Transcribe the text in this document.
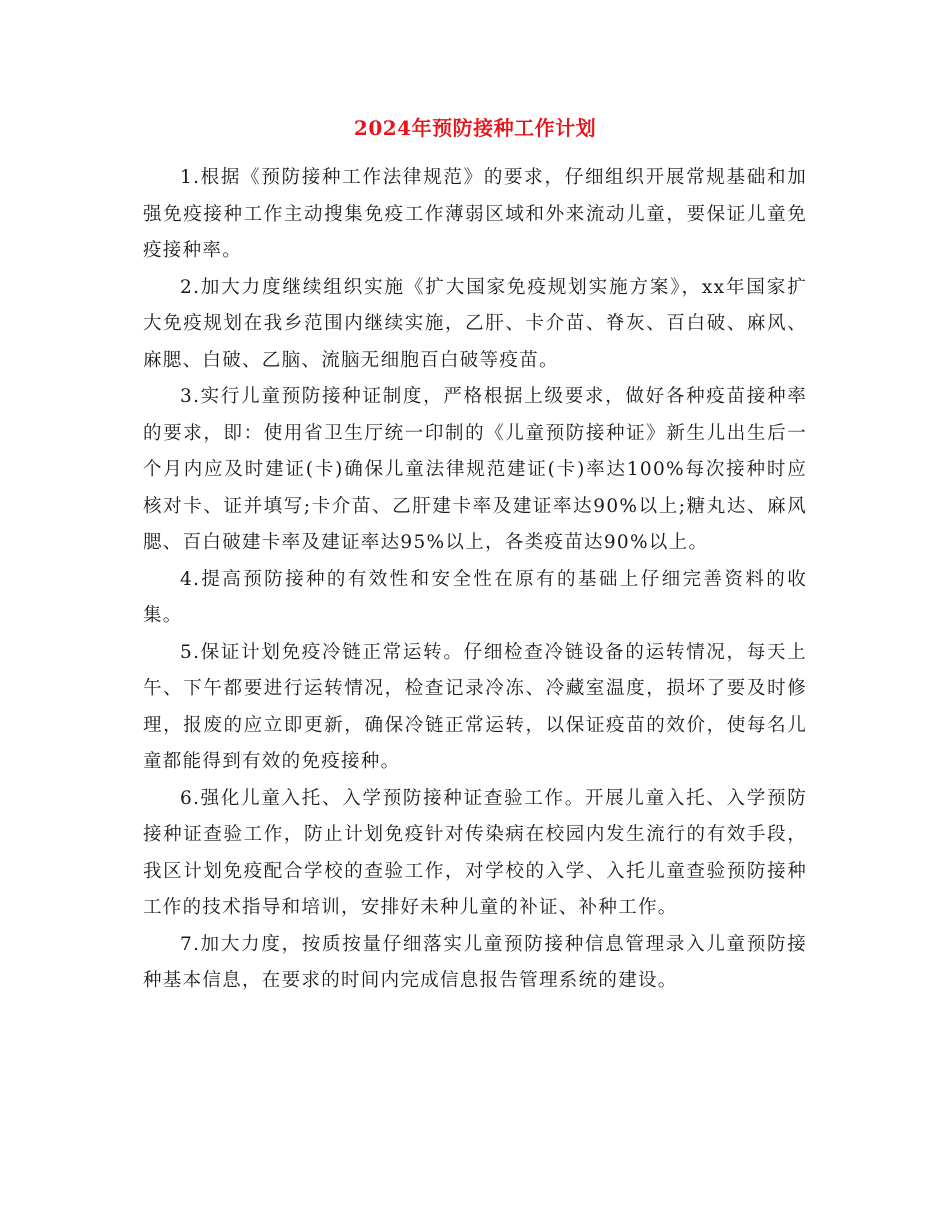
2024年预防接种工作计划

1.根据《预防接种工作法律规范》的要求，仔细组织开展常规基础和加强免疫接种工作主动搜集免疫工作薄弱区域和外来流动儿童，要保证儿童免疫接种率。

2.加大力度继续组织实施《扩大国家免疫规划实施方案》，xx年国家扩大免疫规划在我乡范围内继续实施，乙肝、卡介苗、脊灰、百白破、麻风、麻腮、白破、乙脑、流脑无细胞百白破等疫苗。

3.实行儿童预防接种证制度，严格根据上级要求，做好各种疫苗接种率的要求，即：使用省卫生厅统一印制的《儿童预防接种证》新生儿出生后一个月内应及时建证(卡)确保儿童法律规范建证(卡)率达100%每次接种时应核对卡、证并填写;卡介苗、乙肝建卡率及建证率达90%以上;糖丸达、麻风腮、百白破建卡率及建证率达95%以上，各类疫苗达90%以上。

4.提高预防接种的有效性和安全性在原有的基础上仔细完善资料的收集。

5.保证计划免疫冷链正常运转。仔细检查冷链设备的运转情况，每天上午、下午都要进行运转情况，检查记录冷冻、冷藏室温度，损坏了要及时修理，报废的应立即更新，确保冷链正常运转，以保证疫苗的效价，使每名儿童都能得到有效的免疫接种。

6.强化儿童入托、入学预防接种证查验工作。开展儿童入托、入学预防接种证查验工作，防止计划免疫针对传染病在校园内发生流行的有效手段，我区计划免疫配合学校的查验工作，对学校的入学、入托儿童查验预防接种工作的技术指导和培训，安排好未种儿童的补证、补种工作。

7.加大力度，按质按量仔细落实儿童预防接种信息管理录入儿童预防接种基本信息，在要求的时间内完成信息报告管理系统的建设。
